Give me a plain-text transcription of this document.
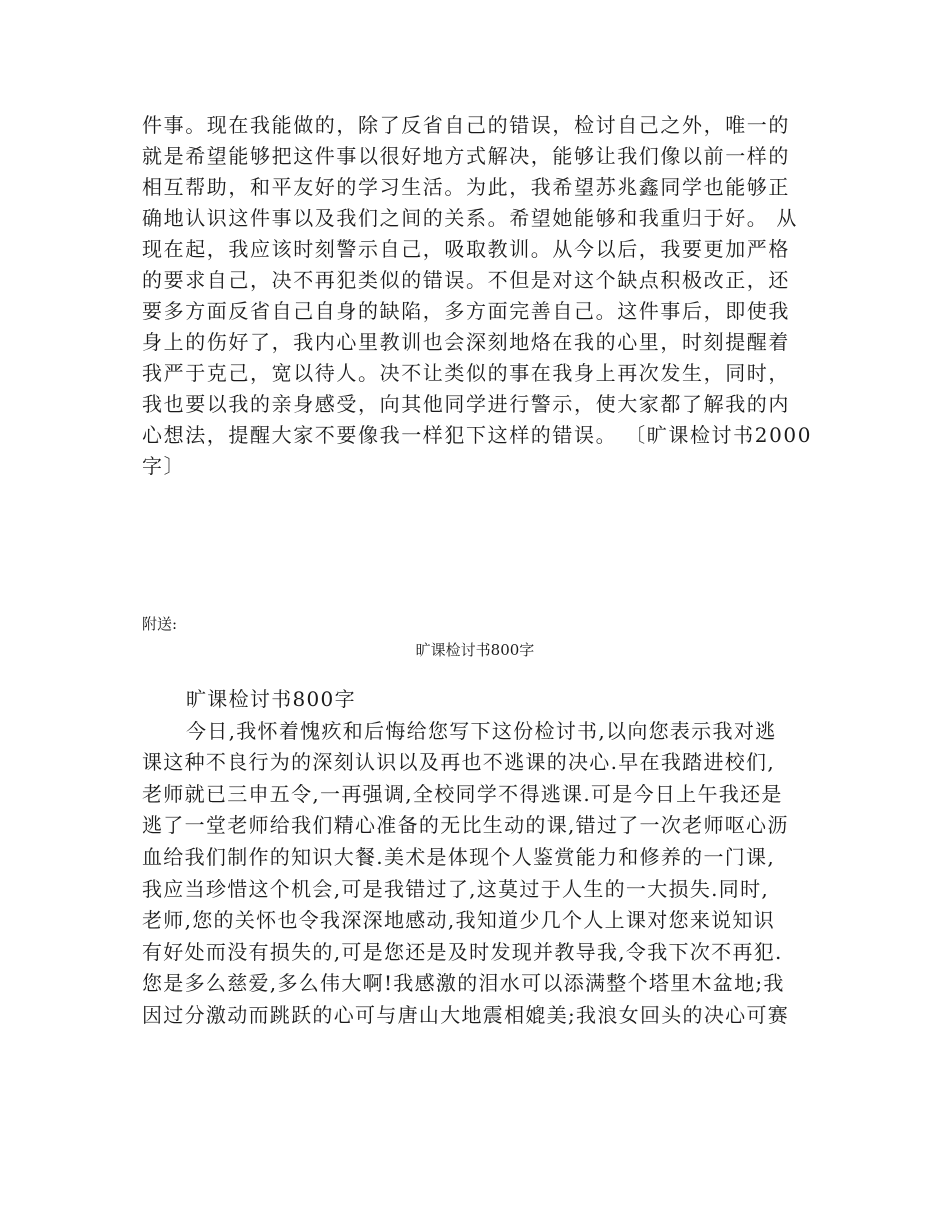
件事。现在我能做的，除了反省自己的错误，检讨自己之外，唯一的
就是希望能够把这件事以很好地方式解决，能够让我们像以前一样的
相互帮助，和平友好的学习生活。为此，我希望苏兆鑫同学也能够正
确地认识这件事以及我们之间的关系。希望她能够和我重归于好。 从
现在起，我应该时刻警示自己，吸取教训。从今以后，我要更加严格
的要求自己，决不再犯类似的错误。不但是对这个缺点积极改正，还
要多方面反省自己自身的缺陷，多方面完善自己。这件事后，即使我
身上的伤好了，我内心里教训也会深刻地烙在我的心里，时刻提醒着
我严于克己，宽以待人。决不让类似的事在我身上再次发生，同时，
我也要以我的亲身感受，向其他同学进行警示，使大家都了解我的内
心想法，提醒大家不要像我一样犯下这样的错误。 〔旷课检讨书2000
字〕
附送:
旷课检讨书800字
旷课检讨书800字
今日,我怀着愧疚和后悔给您写下这份检讨书,以向您表示我对逃
课这种不良行为的深刻认识以及再也不逃课的决心.早在我踏进校们,
老师就已三申五令,一再强调,全校同学不得逃课.可是今日上午我还是
逃了一堂老师给我们精心准备的无比生动的课,错过了一次老师呕心沥
血给我们制作的知识大餐.美术是体现个人鉴赏能力和修养的一门课,
我应当珍惜这个机会,可是我错过了,这莫过于人生的一大损失.同时,
老师,您的关怀也令我深深地感动,我知道少几个人上课对您来说知识
有好处而没有损失的,可是您还是及时发现并教导我,令我下次不再犯.
您是多么慈爱,多么伟大啊!我感激的泪水可以添满整个塔里木盆地;我
因过分激动而跳跃的心可与唐山大地震相媲美;我浪女回头的决心可赛
